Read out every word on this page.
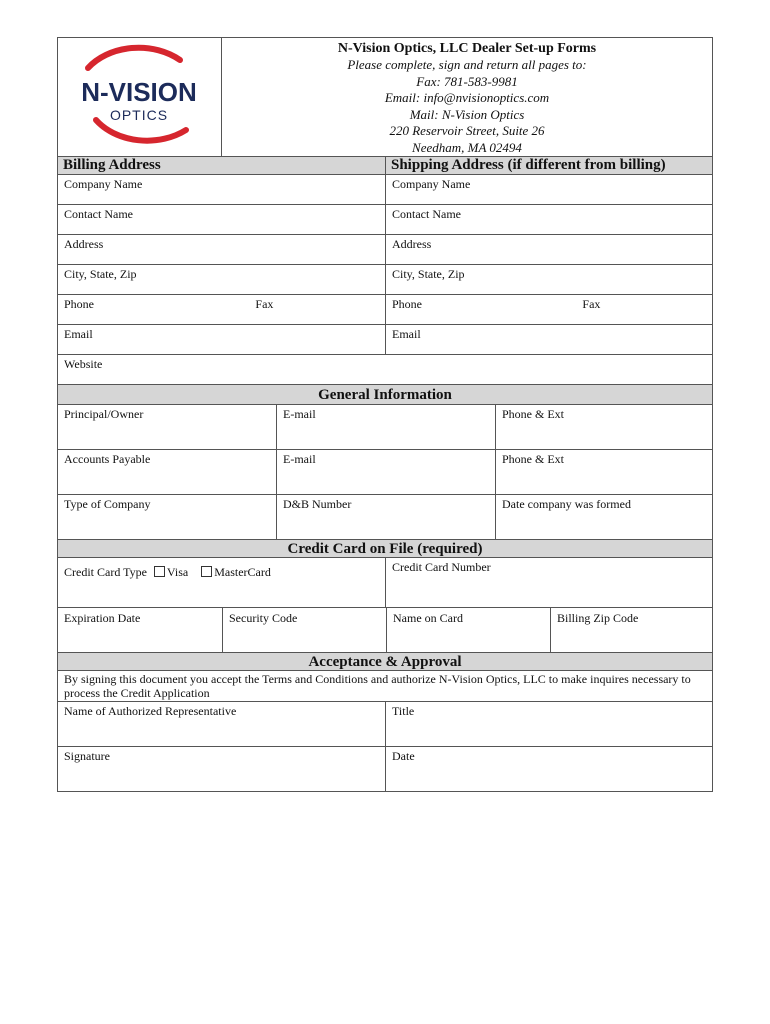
N-VISION
OPTICS
N-Vision Optics, LLC Dealer Set-up Forms
Please complete, sign and return all pages to:
Fax: 781-583-9981
Email: info@nvisionoptics.com
Mail: N-Vision Optics
220 Reservoir Street, Suite 26
Needham, MA 02494
Billing Address	Shipping Address (if different from billing)
Company Name	Company Name
Contact Name	Contact Name
Address	Address
City, State, Zip	City, State, Zip
Phone	Fax	Phone	Fax
Email	Email
Website
General Information
Principal/Owner	E-mail	Phone & Ext
Accounts Payable	E-mail	Phone & Ext
Type of Company	D&B Number	Date company was formed
Credit Card on File (required)
Credit Card Type Visa MasterCard	Credit Card Number
Expiration Date	Security Code	Name on Card	Billing Zip Code
Acceptance & Approval
By signing this document you accept the Terms and Conditions and authorize N-Vision Optics, LLC to make inquires necessary to process the Credit Application
Name of Authorized Representative	Title
Signature	Date
